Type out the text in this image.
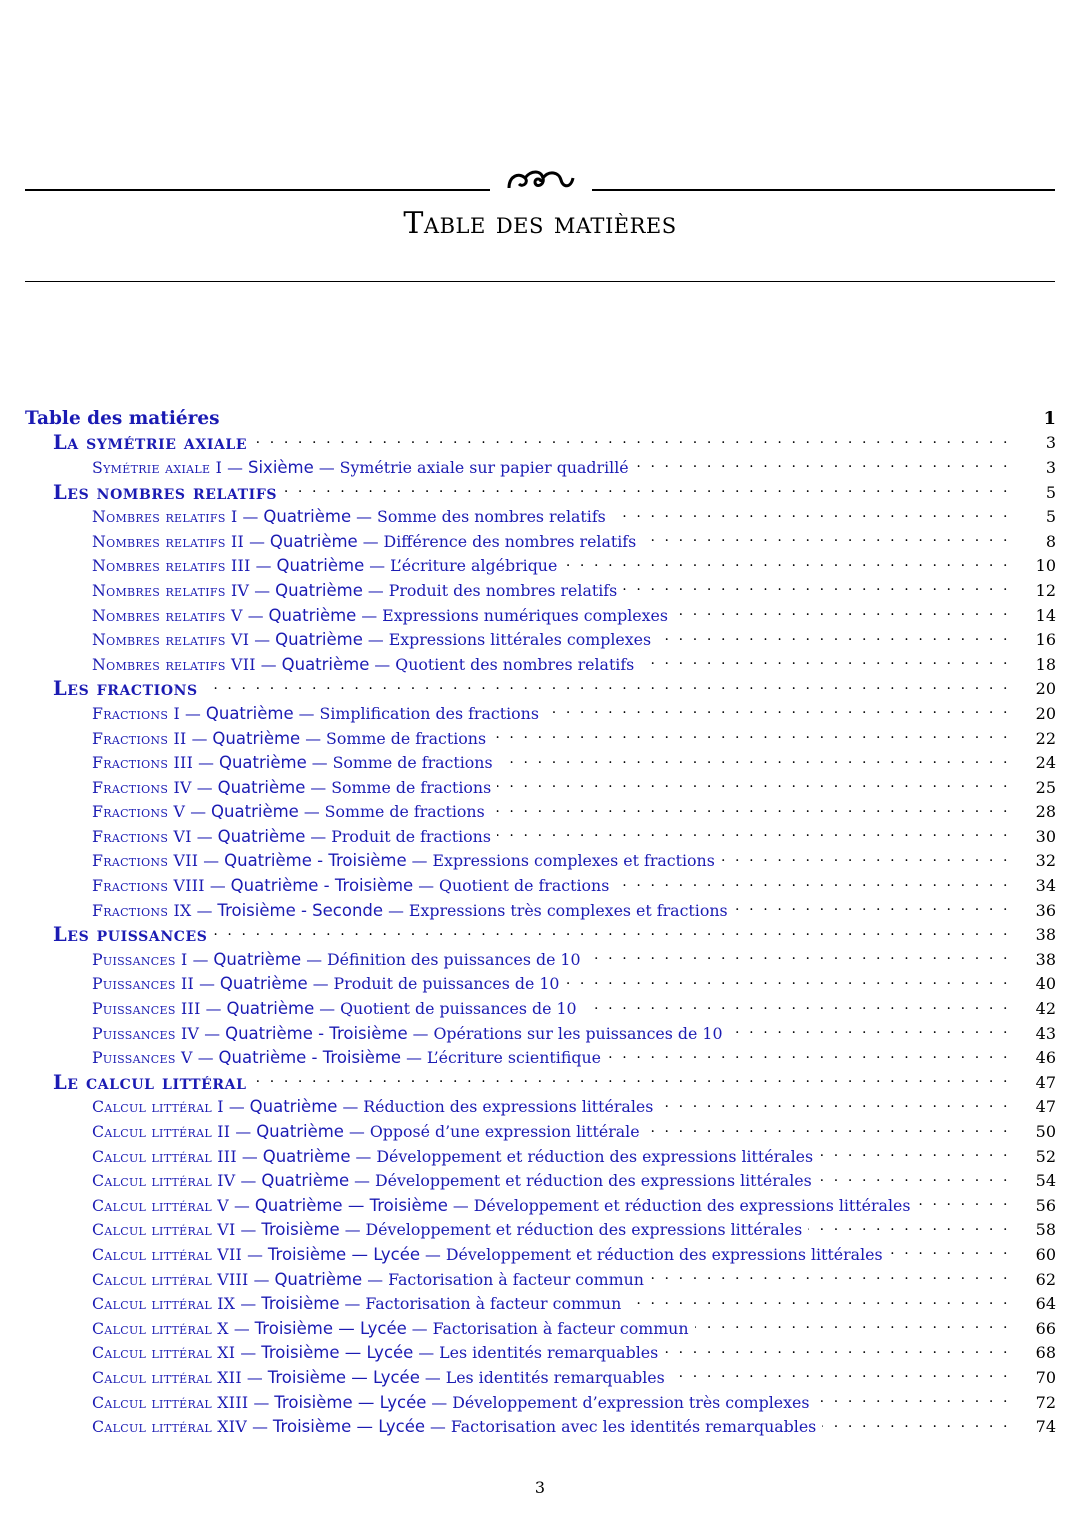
Table des matières
Table des matiéres	1
La symétrie axiale . . .	3
Symétrie axiale I — Sixième — Symétrie axiale sur papier quadrillé . . .	3
Les nombres relatifs . . .	5
Nombres relatifs I — Quatrième — Somme des nombres relatifs . . .	5
Nombres relatifs II — Quatrième — Différence des nombres relatifs . . .	8
Nombres relatifs III — Quatrième — L’écriture algébrique . . .	10
Nombres relatifs IV — Quatrième — Produit des nombres relatifs . . .	12
Nombres relatifs V — Quatrième — Expressions numériques complexes . . .	14
Nombres relatifs VI — Quatrième — Expressions littérales complexes . . .	16
Nombres relatifs VII — Quatrième — Quotient des nombres relatifs . . .	18
Les fractions . . .	20
Fractions I — Quatrième — Simplification des fractions . . .	20
Fractions II — Quatrième — Somme de fractions . . .	22
Fractions III — Quatrième — Somme de fractions . . .	24
Fractions IV — Quatrième — Somme de fractions . . .	25
Fractions V — Quatrième — Somme de fractions . . .	28
Fractions VI — Quatrième — Produit de fractions . . .	30
Fractions VII — Quatrième - Troisième — Expressions complexes et fractions . . .	32
Fractions VIII — Quatrième - Troisième — Quotient de fractions . . .	34
Fractions IX — Troisième - Seconde — Expressions très complexes et fractions . . .	36
Les puissances . . .	38
Puissances I — Quatrième — Définition des puissances de 10 . . .	38
Puissances II — Quatrième — Produit de puissances de 10 . . .	40
Puissances III — Quatrième — Quotient de puissances de 10 . . .	42
Puissances IV — Quatrième - Troisième — Opérations sur les puissances de 10 . . .	43
Puissances V — Quatrième - Troisième — L’écriture scientifique . . .	46
Le calcul littéral . . .	47
Calcul littéral I — Quatrième — Réduction des expressions littérales . . .	47
Calcul littéral II — Quatrième — Opposé d’une expression littérale . . .	50
Calcul littéral III — Quatrième — Développement et réduction des expressions littérales . . .	52
Calcul littéral IV — Quatrième — Développement et réduction des expressions littérales . . .	54
Calcul littéral V — Quatrième — Troisième — Développement et réduction des expressions littérales . . .	56
Calcul littéral VI — Troisième — Développement et réduction des expressions littérales . . .	58
Calcul littéral VII — Troisième — Lycée — Développement et réduction des expressions littérales . . .	60
Calcul littéral VIII — Quatrième — Factorisation à facteur commun . . .	62
Calcul littéral IX — Troisième — Factorisation à facteur commun . . .	64
Calcul littéral X — Troisième — Lycée — Factorisation à facteur commun . . .	66
Calcul littéral XI — Troisième — Lycée — Les identités remarquables . . .	68
Calcul littéral XII — Troisième — Lycée — Les identités remarquables . . .	70
Calcul littéral XIII — Troisième — Lycée — Développement d’expression très complexes . . .	72
Calcul littéral XIV — Troisième — Lycée — Factorisation avec les identités remarquables . . .	74
3
